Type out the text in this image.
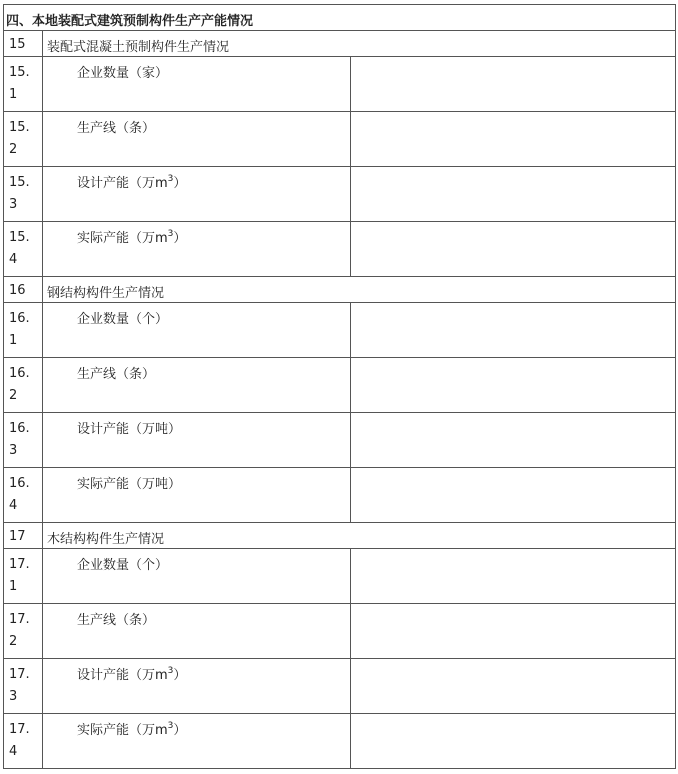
四、本地装配式建筑预制构件生产产能情况		

15	装配式混凝土预制构件生产情况	

15.1	企业数量（家）	

15.2	生产线（条）	

15.3	设计产能（万$m^3$）	

15.4	实际产能（万$m^3$）	

16	钢结构构件生产情况	

16.1	企业数量（个）	

16.2	生产线（条）	

16.3	设计产能（万吨）	

16.4	实际产能（万吨）	

17	木结构构件生产情况	

17.1	企业数量（个）	

17.2	生产线（条）	

17.3	设计产能（万$m^3$）	

17.4	实际产能（万$m^3$）	
